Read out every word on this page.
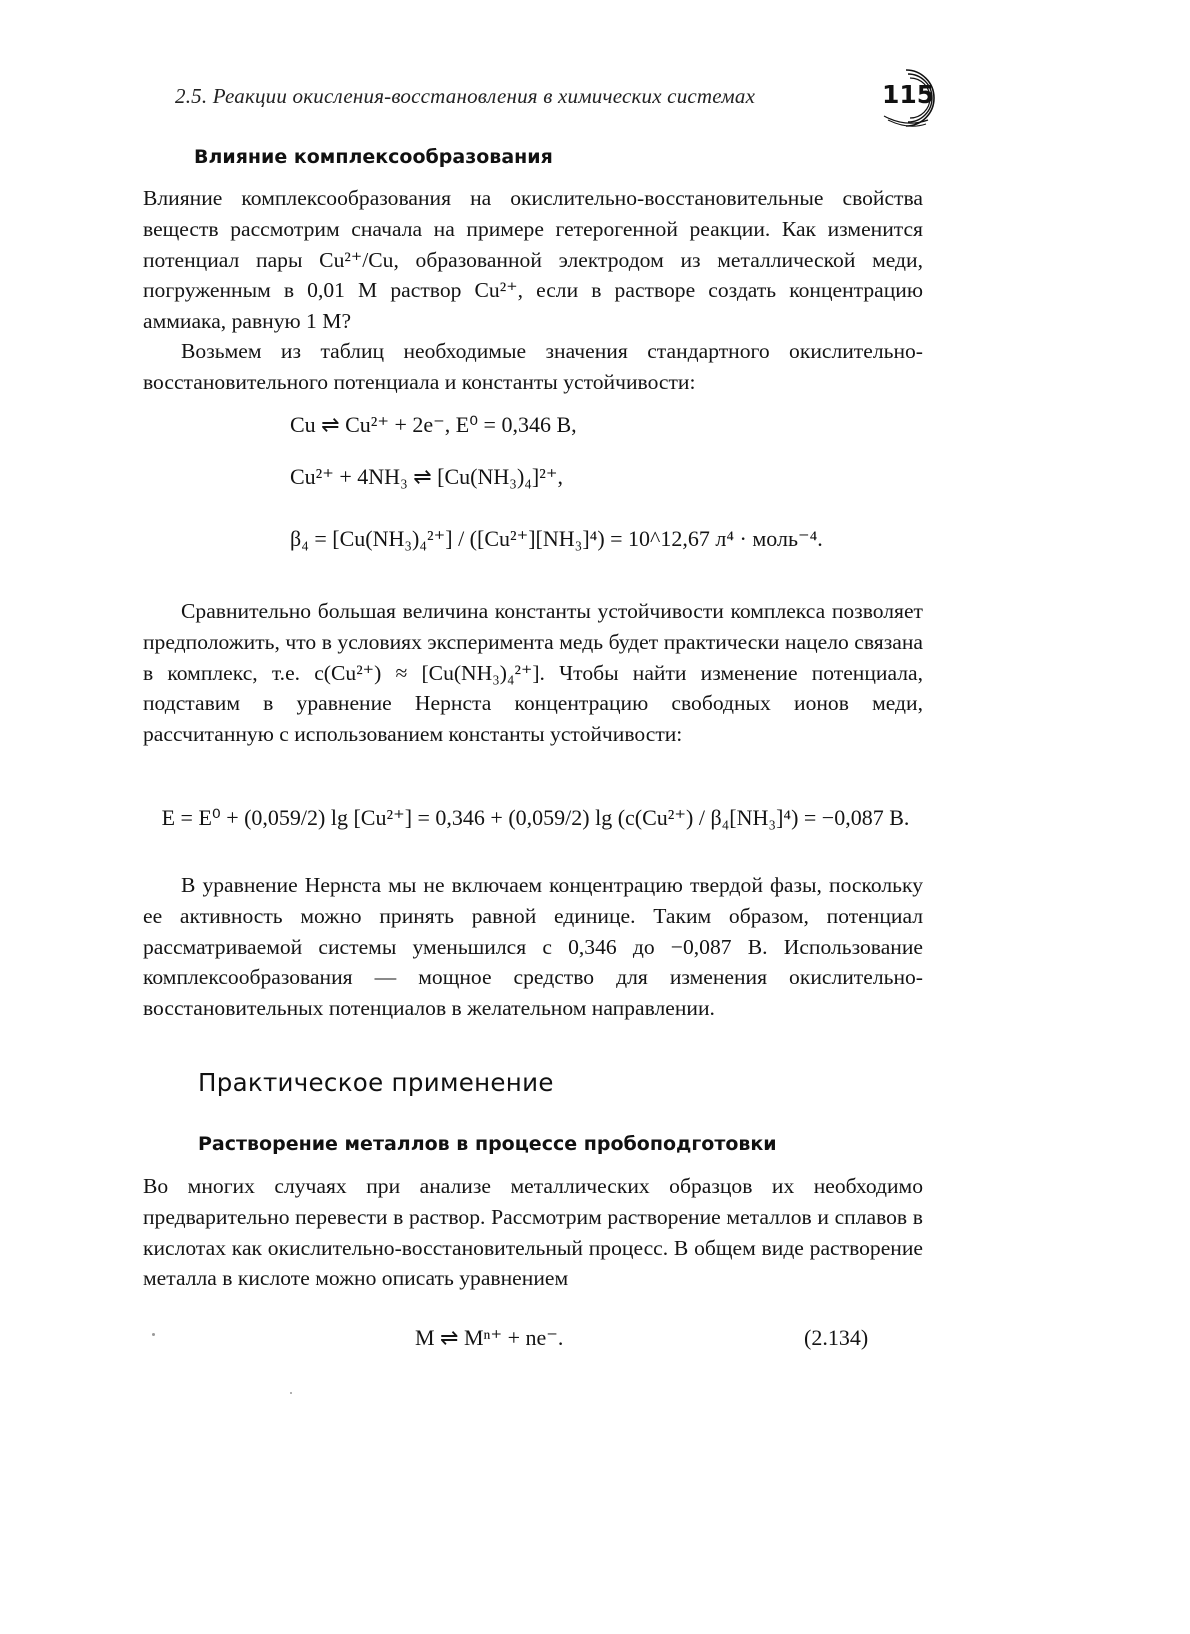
2.5. Реакции окисления-восстановления в химических системах	115
Влияние комплексообразования

Влияние комплексообразования на окислительно-восстановительные свойства веществ рассмотрим сначала на примере гетерогенной реакции. Как изменится потенциал пары Cu²⁺/Cu, образованной электродом из металлической меди, погруженным в 0,01 M раствор Cu²⁺, если в растворе создать концентрацию аммиака, равную 1 M?

Возьмем из таблиц необходимые значения стандартного окислительно-восстановительного потенциала и константы устойчивости:

Cu ⇌ Cu²⁺ + 2e⁻, E⁰ = 0,346 В,
Cu²⁺ + 4NH₃ ⇌ [Cu(NH₃)₄]²⁺,
β₄ = [Cu(NH₃)₄²⁺] / ([Cu²⁺][NH₃]⁴) = 10^12,67 л⁴ · моль⁻⁴.

Сравнительно большая величина константы устойчивости комплекса позволяет предположить, что в условиях эксперимента медь будет практически нацело связана в комплекс, т.е. c(Cu²⁺) ≈ [Cu(NH₃)₄²⁺]. Чтобы найти изменение потенциала, подставим в уравнение Нернста концентрацию свободных ионов меди, рассчитанную с использованием константы устойчивости:

E = E⁰ + (0,059/2) lg [Cu²⁺] = 0,346 + (0,059/2) lg (c(Cu²⁺) / β₄[NH₃]⁴) = −0,087 В.

В уравнение Нернста мы не включаем концентрацию твердой фазы, поскольку ее активность можно принять равной единице. Таким образом, потенциал рассматриваемой системы уменьшился с 0,346 до −0,087 В. Использование комплексообразования — мощное средство для изменения окислительно-восстановительных потенциалов в желательном направлении.

Практическое применение
Растворение металлов в процессе пробоподготовки

Во многих случаях при анализе металлических образцов их необходимо предварительно перевести в раствор. Рассмотрим растворение металлов и сплавов в кислотах как окислительно-восстановительный процесс. В общем виде растворение металла в кислоте можно описать уравнением

M ⇌ Mⁿ⁺ + ne⁻.	(2.134)
